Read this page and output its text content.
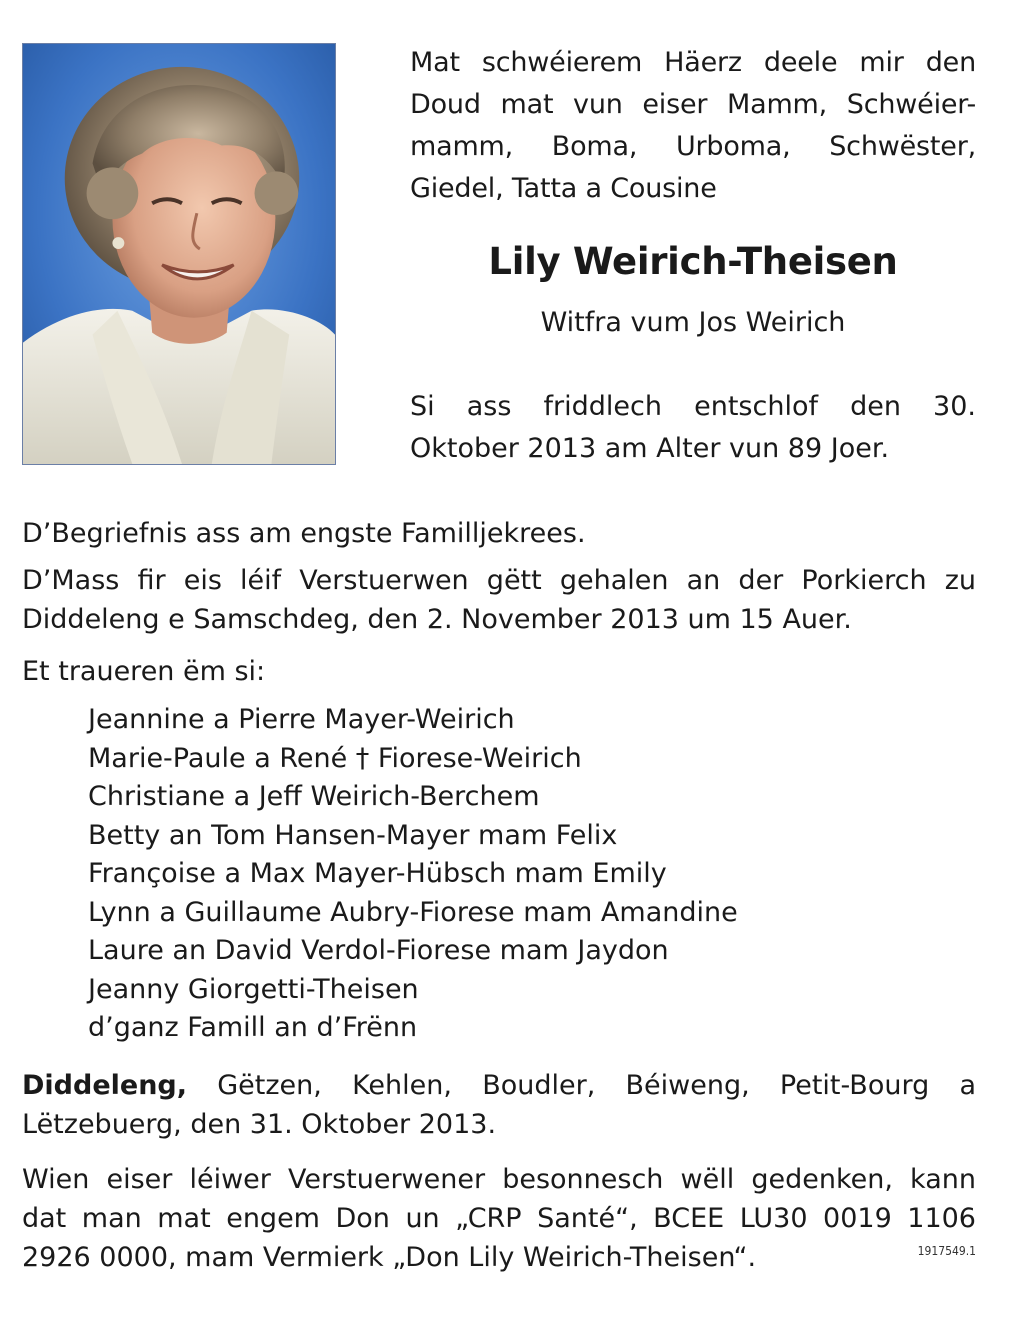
Mat schwéierem Häerz deele mir den
Doud mat vun eiser Mamm, Schwéier-
mamm, Boma, Urboma, Schwëster,
Giedel, Tatta a Cousine
Lily Weirich-Theisen
Witfra vum Jos Weirich
Si ass friddlech entschlof den 30.
Oktober 2013 am Alter vun 89 Joer.
D’Begriefnis ass am engste Familljekrees.
D’Mass fir eis léif Verstuerwen gëtt gehalen an der Porkierch zu
Diddeleng e Samschdeg, den 2. November 2013 um 15 Auer.
Et traueren ëm si:
Jeannine a Pierre Mayer-Weirich
Marie-Paule a René † Fiorese-Weirich
Christiane a Jeff Weirich-Berchem
Betty an Tom Hansen-Mayer mam Felix
Françoise a Max Mayer-Hübsch mam Emily
Lynn a Guillaume Aubry-Fiorese mam Amandine
Laure an David Verdol-Fiorese mam Jaydon
Jeanny Giorgetti-Theisen
d’ganz Famill an d’Frënn
Diddeleng, Gëtzen, Kehlen, Boudler, Béiweng, Petit-Bourg a
Lëtzebuerg, den 31. Oktober 2013.
Wien eiser léiwer Verstuerwener besonnesch wëll gedenken, kann
dat man mat engem Don un „CRP Santé“, BCEE LU30 0019 1106
2926 0000, mam Vermierk „Don Lily Weirich-Theisen“.	1917549.1
